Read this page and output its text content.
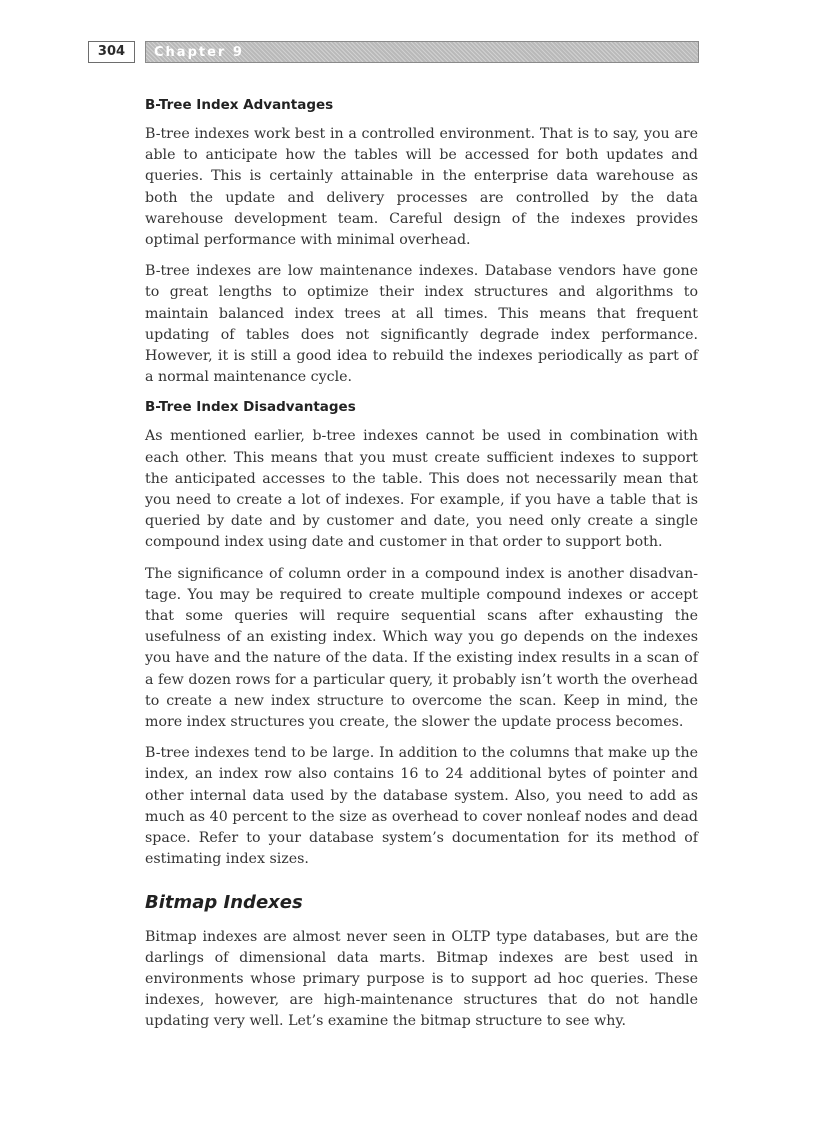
304	Chapter 9
B-Tree Index Advantages

B-tree indexes work best in a controlled environment. That is to say, you are able to anticipate how the tables will be accessed for both updates and queries. This is certainly attainable in the enterprise data warehouse as both the update and delivery processes are controlled by the data warehouse development team. Careful design of the indexes provides optimal performance with minimal overhead.

B-tree indexes are low maintenance indexes. Database vendors have gone to great lengths to optimize their index structures and algorithms to maintain balanced index trees at all times. This means that frequent updating of tables does not significantly degrade index performance. However, it is still a good idea to rebuild the indexes periodically as part of a normal maintenance cycle.

B-Tree Index Disadvantages

As mentioned earlier, b-tree indexes cannot be used in combination with each other. This means that you must create sufficient indexes to support the anticipated accesses to the table. This does not necessarily mean that you need to create a lot of indexes. For example, if you have a table that is queried by date and by customer and date, you need only create a single compound index using date and customer in that order to support both.

The significance of column order in a compound index is another disadvantage. You may be required to create multiple compound indexes or accept that some queries will require sequential scans after exhausting the usefulness of an existing index. Which way you go depends on the indexes you have and the nature of the data. If the existing index results in a scan of a few dozen rows for a particular query, it probably isn’t worth the overhead to create a new index structure to overcome the scan. Keep in mind, the more index structures you create, the slower the update process becomes.

B-tree indexes tend to be large. In addition to the columns that make up the index, an index row also contains 16 to 24 additional bytes of pointer and other internal data used by the database system. Also, you need to add as much as 40 percent to the size as overhead to cover nonleaf nodes and dead space. Refer to your database system’s documentation for its method of estimating index sizes.

Bitmap Indexes

Bitmap indexes are almost never seen in OLTP type databases, but are the darlings of dimensional data marts. Bitmap indexes are best used in environments whose primary purpose is to support ad hoc queries. These indexes, however, are high-maintenance structures that do not handle updating very well. Let’s examine the bitmap structure to see why.
